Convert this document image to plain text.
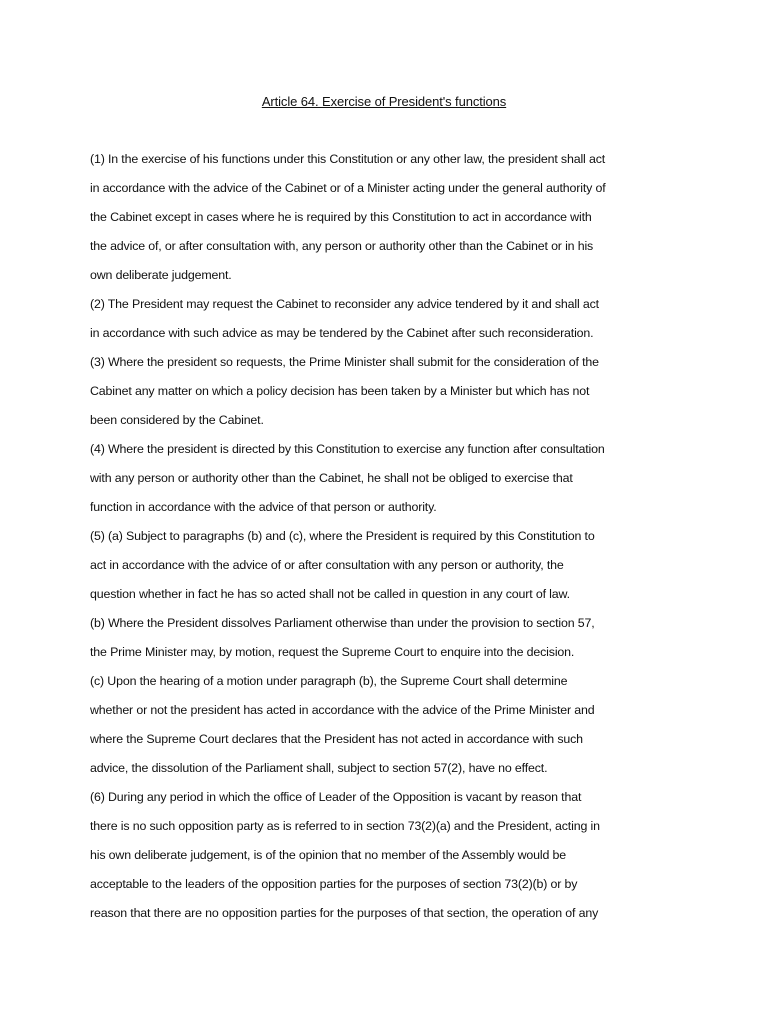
Article 64. Exercise of President's functions
(1) In the exercise of his functions under this Constitution or any other law, the president shall act
in accordance with the advice of the Cabinet or of a Minister acting under the general authority of
the Cabinet except in cases where he is required by this Constitution to act in accordance with
the advice of, or after consultation with, any person or authority other than the Cabinet or in his
own deliberate judgement.
(2) The President may request the Cabinet to reconsider any advice tendered by it and shall act
in accordance with such advice as may be tendered by the Cabinet after such reconsideration.
(3) Where the president so requests, the Prime Minister shall submit for the consideration of the
Cabinet any matter on which a policy decision has been taken by a Minister but which has not
been considered by the Cabinet.
(4) Where the president is directed by this Constitution to exercise any function after consultation
with any person or authority other than the Cabinet, he shall not be obliged to exercise that
function in accordance with the advice of that person or authority.
(5) (a) Subject to paragraphs (b) and (c), where the President is required by this Constitution to
act in accordance with the advice of or after consultation with any person or authority, the
question whether in fact he has so acted shall not be called in question in any court of law.
(b) Where the President dissolves Parliament otherwise than under the provision to section 57,
the Prime Minister may, by motion, request the Supreme Court to enquire into the decision.
(c) Upon the hearing of a motion under paragraph (b), the Supreme Court shall determine
whether or not the president has acted in accordance with the advice of the Prime Minister and
where the Supreme Court declares that the President has not acted in accordance with such
advice, the dissolution of the Parliament shall, subject to section 57(2), have no effect.
(6) During any period in which the office of Leader of the Opposition is vacant by reason that
there is no such opposition party as is referred to in section 73(2)(a) and the President, acting in
his own deliberate judgement, is of the opinion that no member of the Assembly would be
acceptable to the leaders of the opposition parties for the purposes of section 73(2)(b) or by
reason that there are no opposition parties for the purposes of that section, the operation of any
